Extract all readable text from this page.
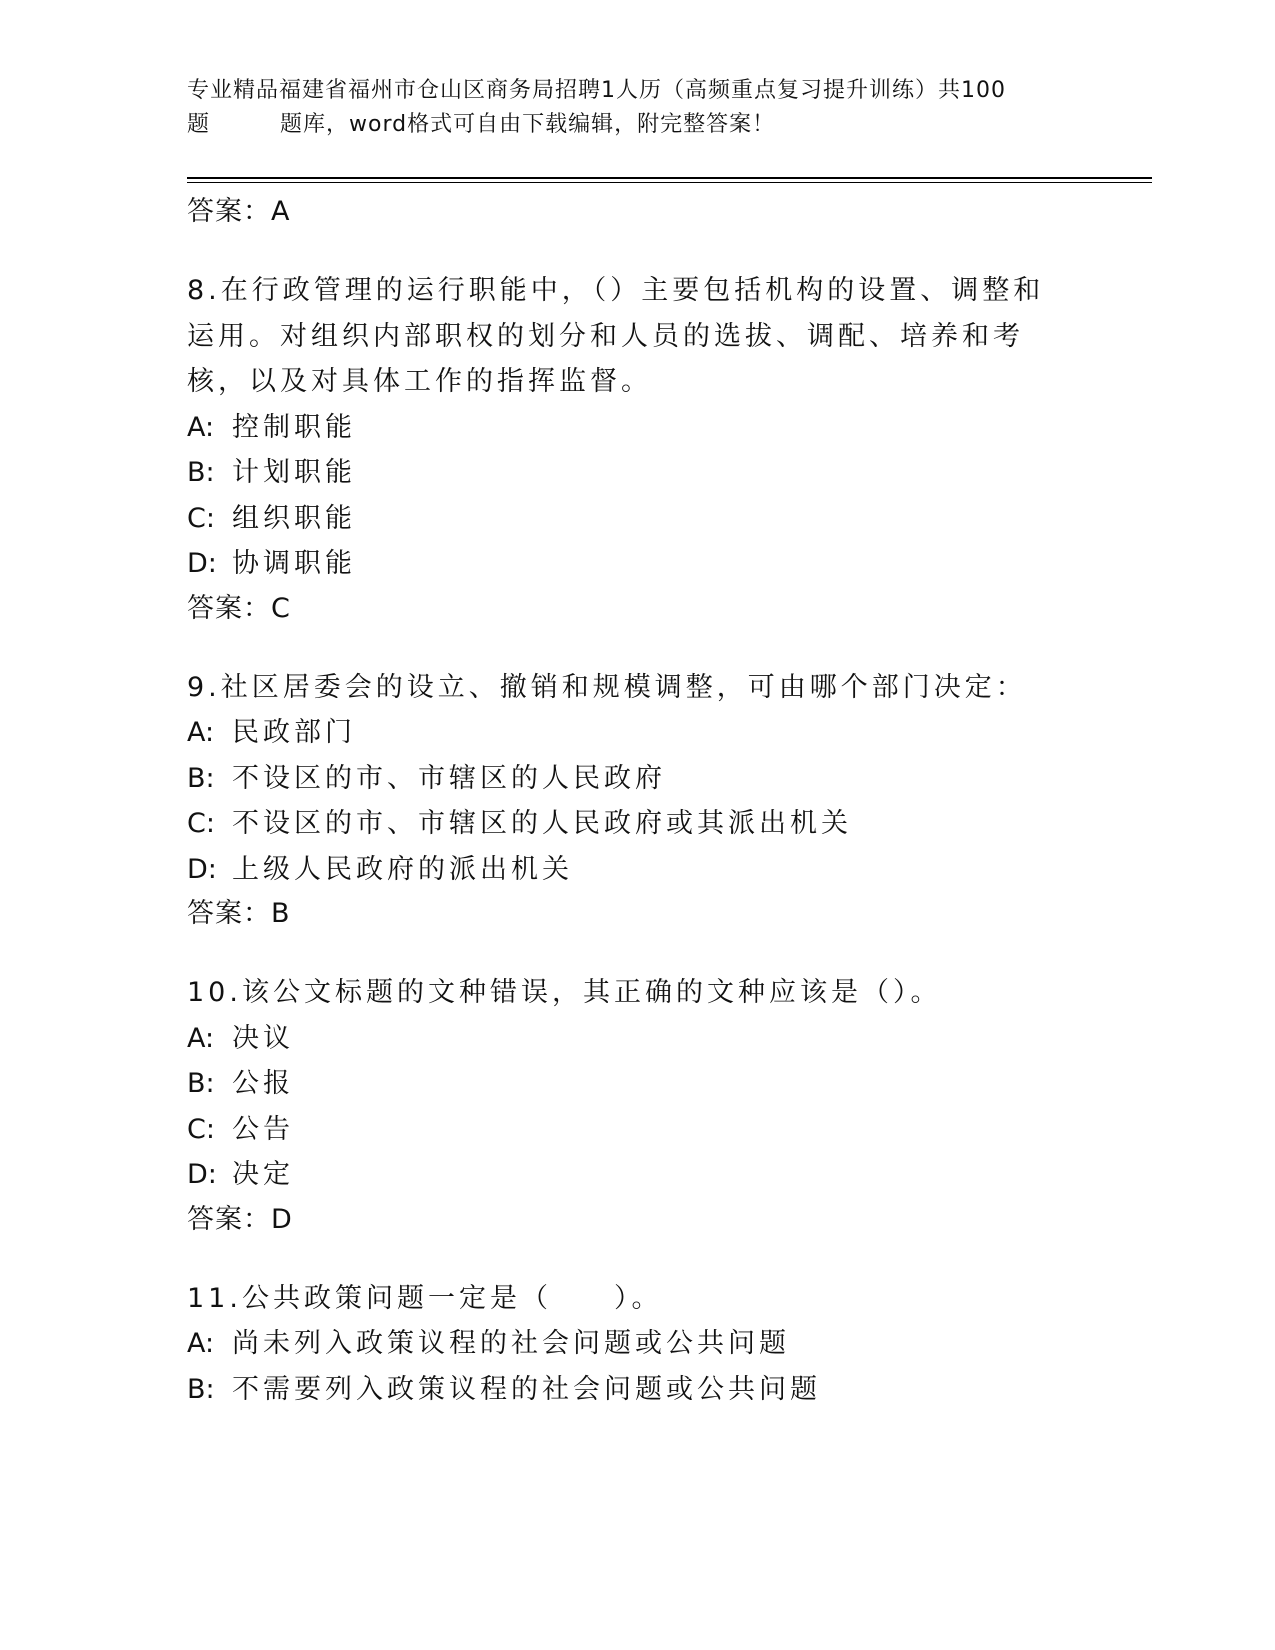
专业精品福建省福州市仓山区商务局招聘1人历（高频重点复习提升训练）共100
题	题库，word格式可自由下载编辑，附完整答案！
答案：A
8.在行政管理的运行职能中，（）主要包括机构的设置、调整和运用。对组织内部职权的划分和人员的选拔、调配、培养和考核，以及对具体工作的指挥监督。
A: 控制职能
B: 计划职能
C: 组织职能
D: 协调职能
答案：C
9.社区居委会的设立、撤销和规模调整，可由哪个部门决定：
A: 民政部门
B: 不设区的市、市辖区的人民政府
C: 不设区的市、市辖区的人民政府或其派出机关
D: 上级人民政府的派出机关
答案：B
10.该公文标题的文种错误，其正确的文种应该是（）。
A: 决议
B: 公报
C: 公告
D: 决定
答案：D
11.公共政策问题一定是（　　）。
A: 尚未列入政策议程的社会问题或公共问题
B: 不需要列入政策议程的社会问题或公共问题
